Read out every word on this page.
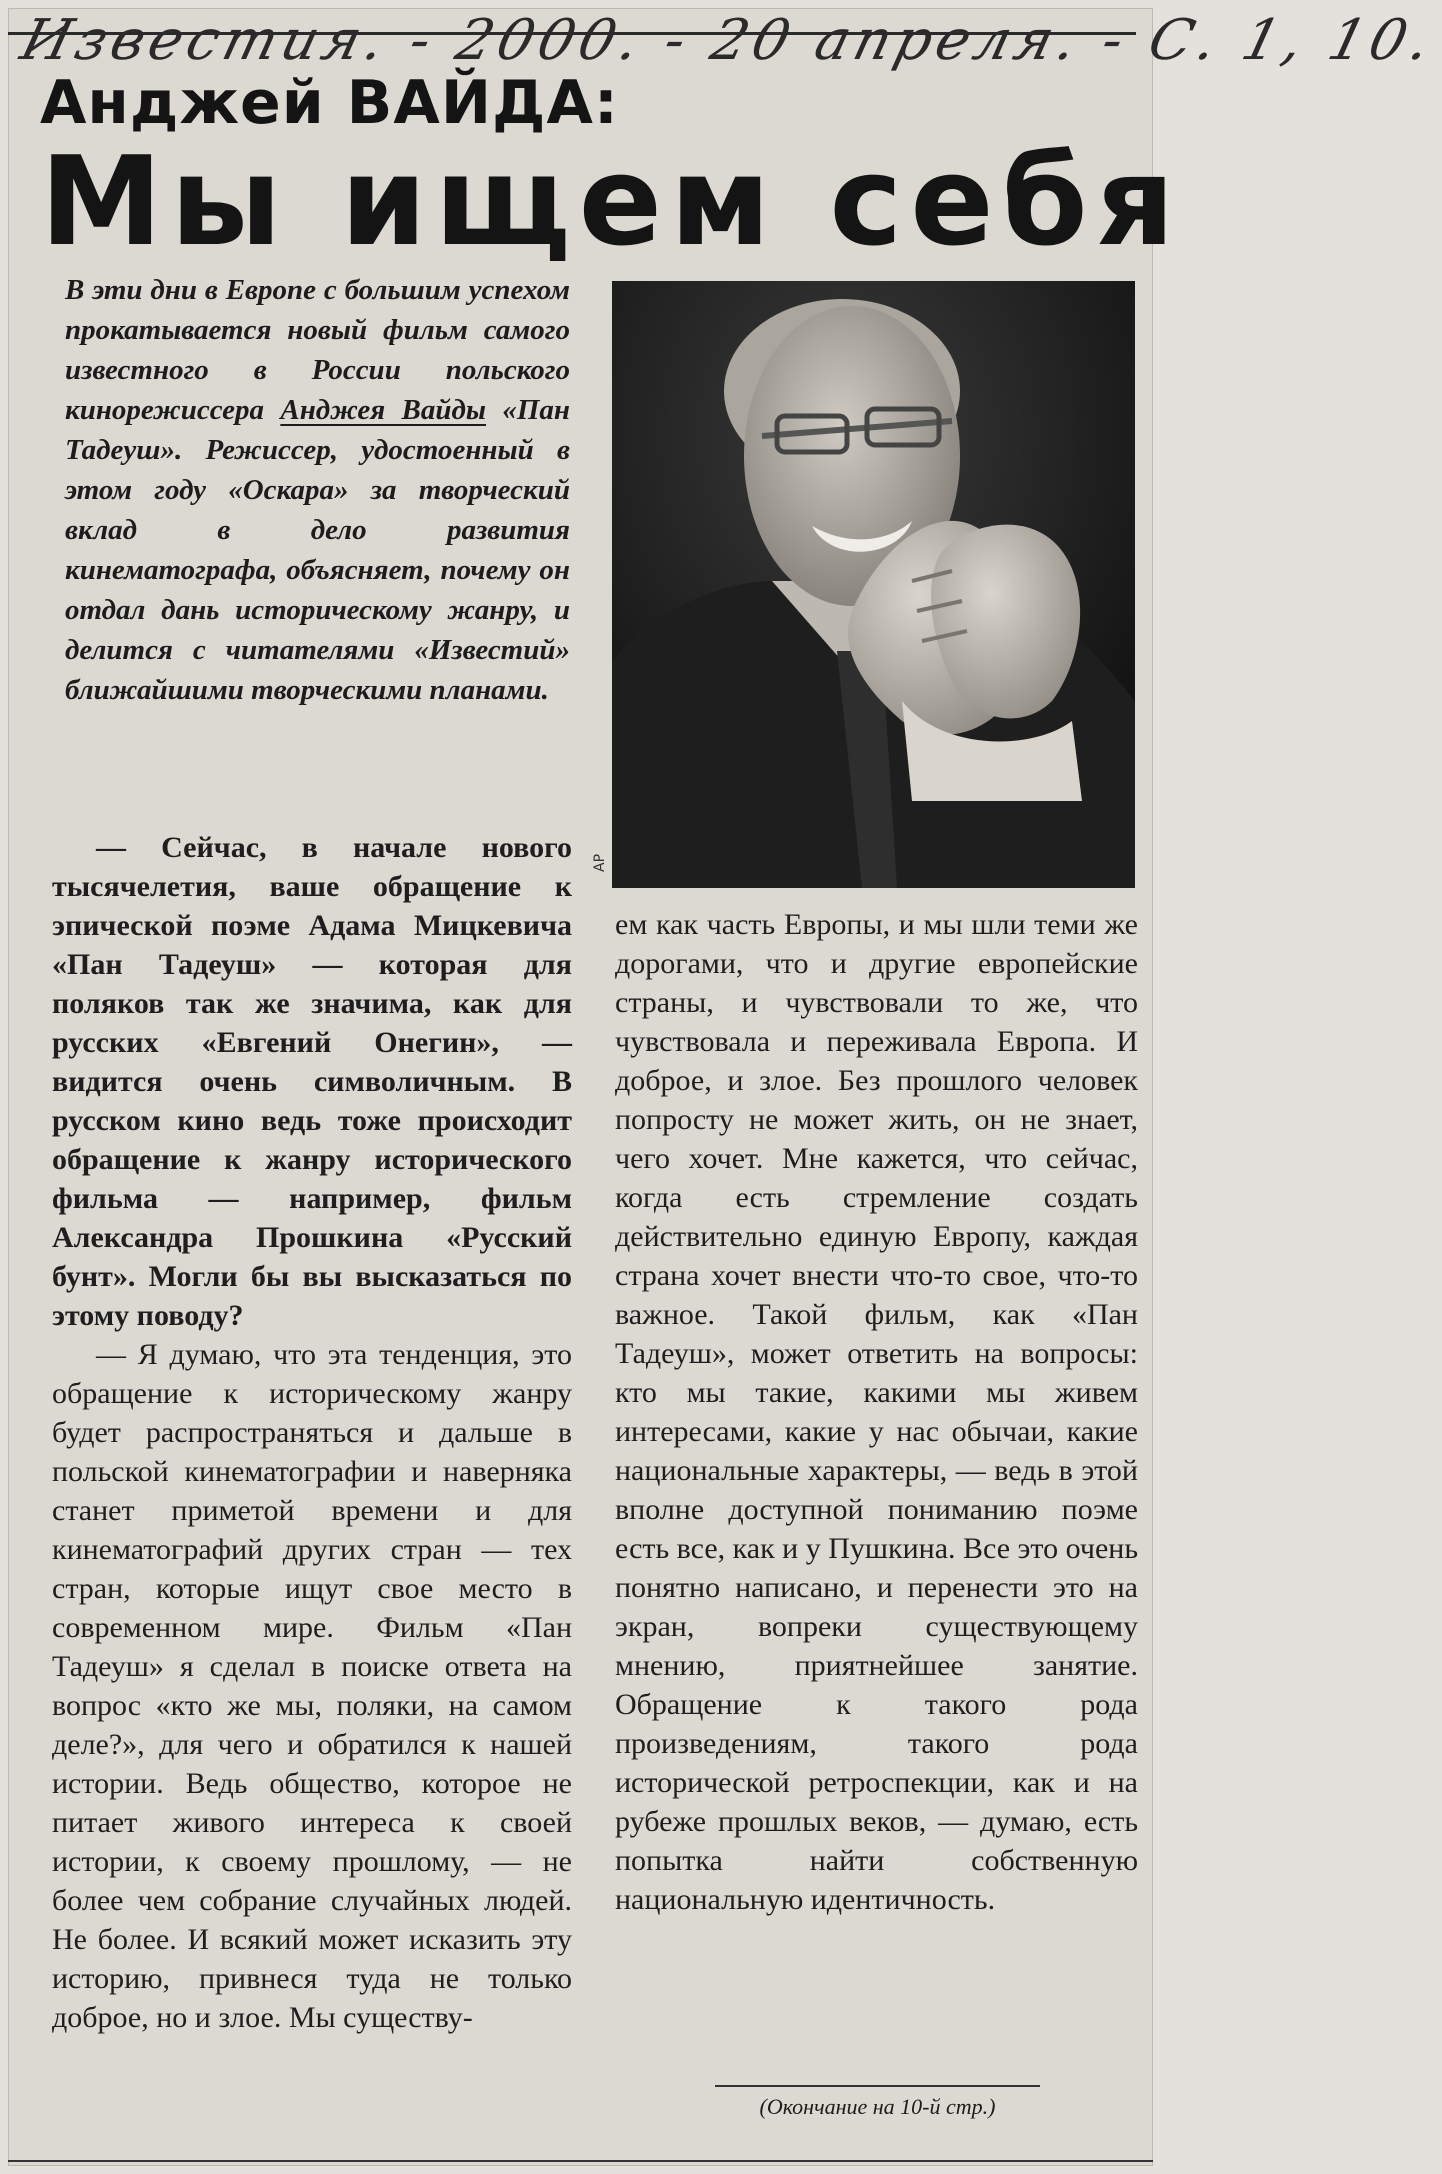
Известия. - 2000. - 20 апреля. - С. 1, 10.
Анджей ВАЙДА:
Мы ищем себя

В эти дни в Европе с большим успехом прокатывается новый фильм самого известного в России польского кинорежиссера Анджея Вайды «Пан Тадеуш». Режиссер, удостоенный в этом году «Оскара» за творческий вклад в дело развития кинематографа, объясняет, почему он отдал дань историческому жанру, и делится с читателями «Известий» ближайшими творческими планами.

AP

— Сейчас, в начале нового тысячелетия, ваше обращение к эпической поэме Адама Мицкевича «Пан Тадеуш» — которая для поляков так же значима, как для русских «Евгений Онегин», — видится очень символичным. В русском кино ведь тоже происходит обращение к жанру исторического фильма — например, фильм Александра Прошкина «Русский бунт». Могли бы вы высказаться по этому поводу?

— Я думаю, что эта тенденция, это обращение к историческому жанру будет распространяться и дальше в польской кинематографии и наверняка станет приметой времени и для кинематографий других стран — тех стран, которые ищут свое место в современном мире. Фильм «Пан Тадеуш» я сделал в поиске ответа на вопрос «кто же мы, поляки, на самом деле?», для чего и обратился к нашей истории. Ведь общество, которое не питает живого интереса к своей истории, к своему прошлому, — не более чем собрание случайных людей. Не более. И всякий может исказить эту историю, привнеся туда не только доброе, но и злое. Мы существу-

ем как часть Европы, и мы шли теми же дорогами, что и другие европейские страны, и чувствовали то же, что чувствовала и переживала Европа. И доброе, и злое. Без прошлого человек попросту не может жить, он не знает, чего хочет. Мне кажется, что сейчас, когда есть стремление создать действительно единую Европу, каждая страна хочет внести что-то свое, что-то важное. Такой фильм, как «Пан Тадеуш», может ответить на вопросы: кто мы такие, какими мы живем интересами, какие у нас обычаи, какие национальные характеры, — ведь в этой вполне доступной пониманию поэме есть все, как и у Пушкина. Все это очень понятно написано, и перенести это на экран, вопреки существующему мнению, приятнейшее занятие. Обращение к такого рода произведениям, такого рода исторической ретроспекции, как и на рубеже прошлых веков, — думаю, есть попытка найти собственную национальную идентичность.

(Окончание на 10-й стр.)
